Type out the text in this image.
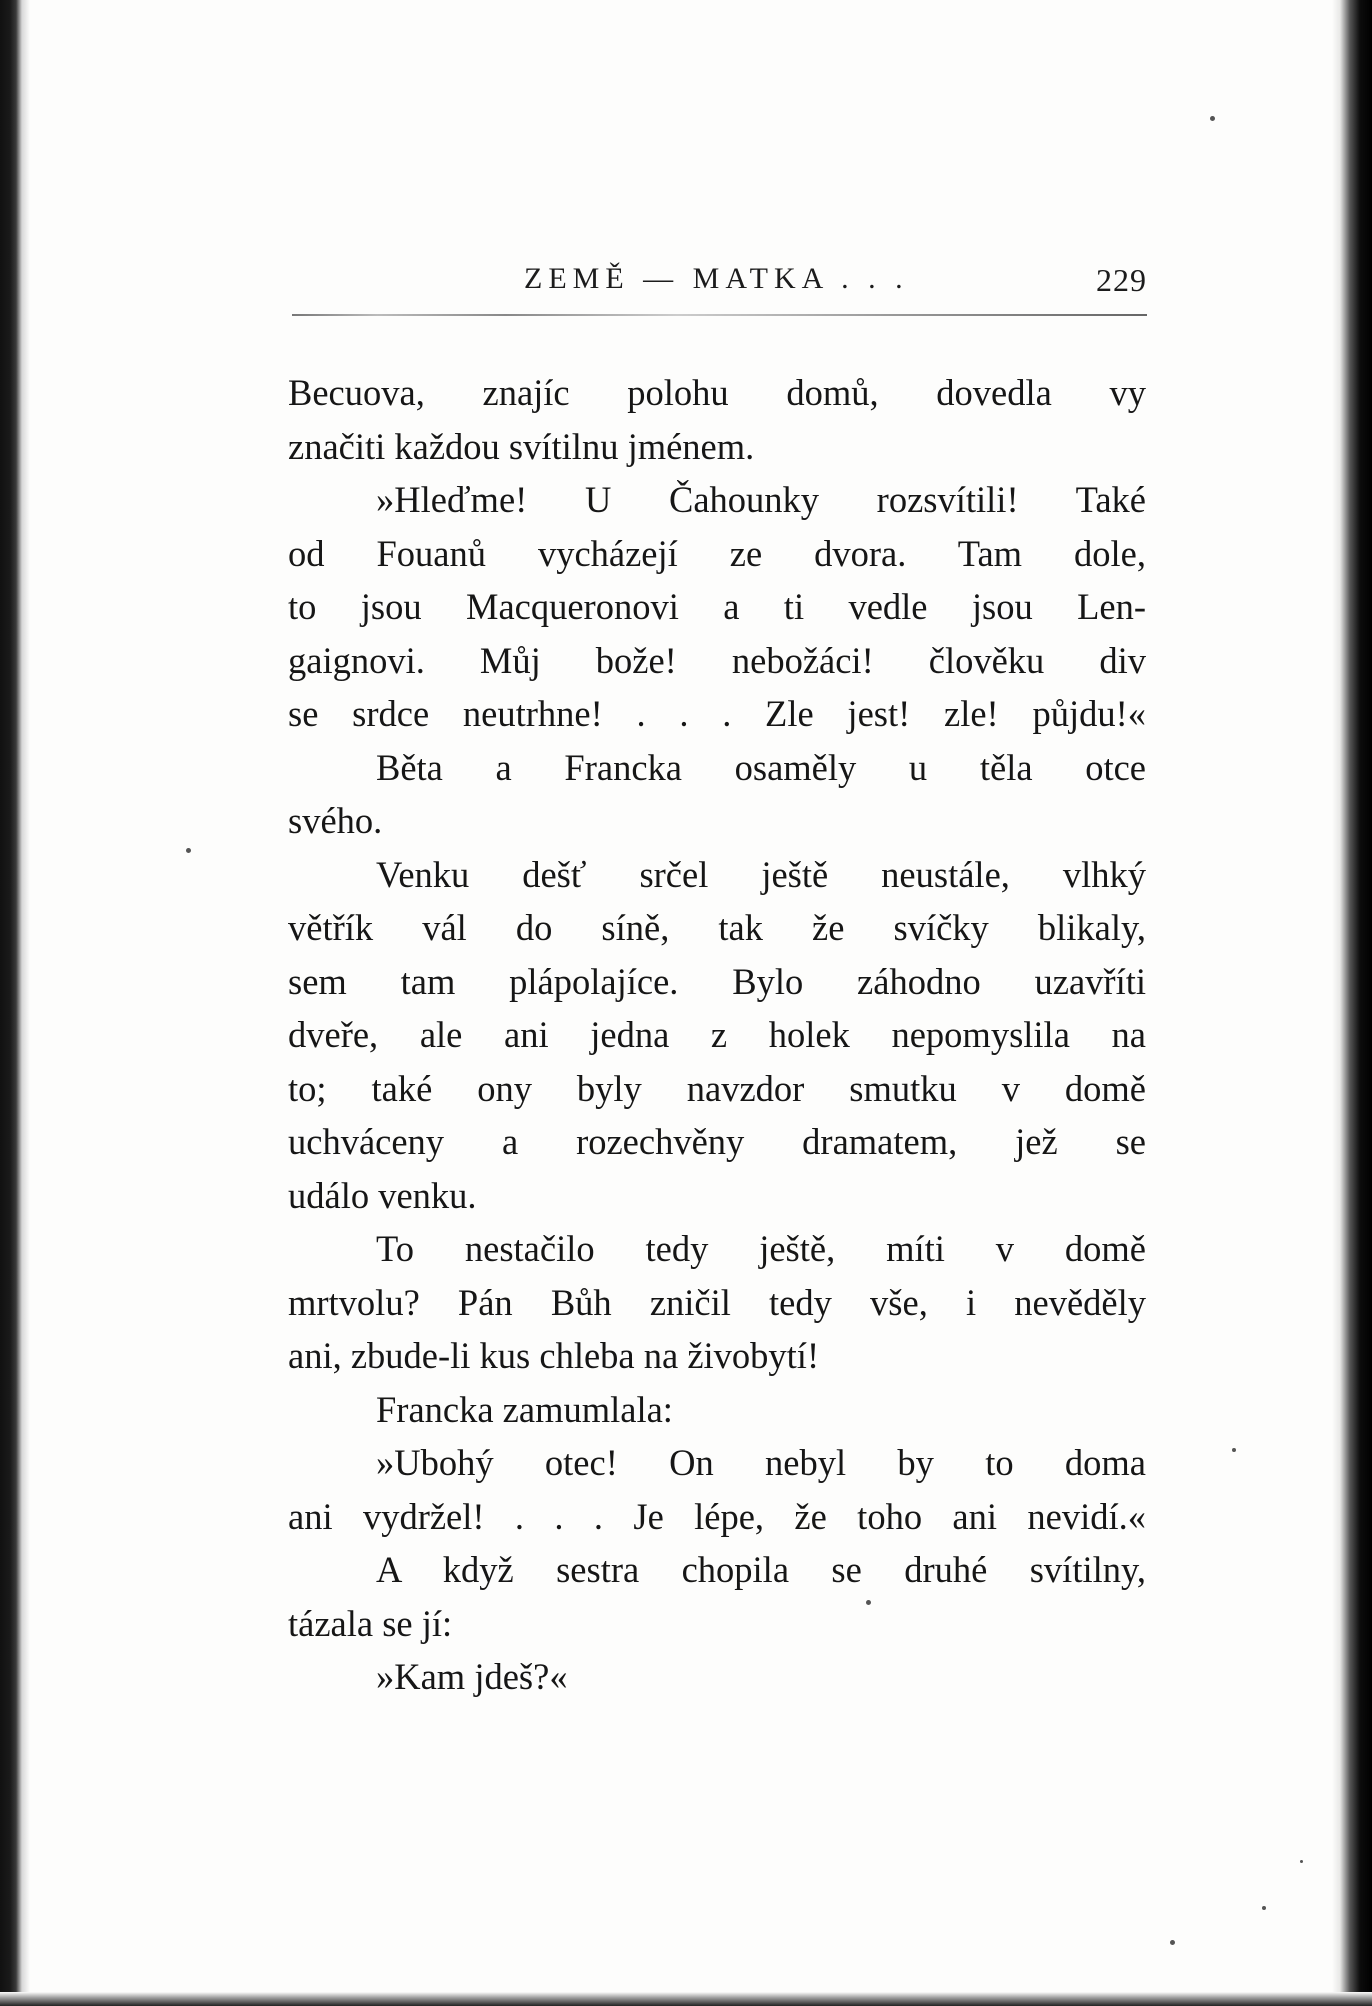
ZEMĚ — MATKA . . .	229
Becuova, znajíc polohu domů, dovedla vy
značiti každou svítilnu jménem.
»Hleďme! U Čahounky rozsvítili! Také
od Fouanů vycházejí ze dvora. Tam dole,
to jsou Macqueronovi a ti vedle jsou Len-
gaignovi. Můj bože! nebožáci! člověku div
se srdce neutrhne! . . . Zle jest! zle! půjdu!«
Běta a Francka osaměly u těla otce
svého.
Venku dešť srčel ještě neustále, vlhký
větřík vál do síně, tak že svíčky blikaly,
sem tam plápolajíce. Bylo záhodno uzavříti
dveře, ale ani jedna z holek nepomyslila na
to; také ony byly navzdor smutku v domě
uchváceny a rozechvěny dramatem, jež se
událo venku.
To nestačilo tedy ještě, míti v domě
mrtvolu? Pán Bůh zničil tedy vše, i nevěděly
ani, zbude-li kus chleba na živobytí!
Francka zamumlala:
»Ubohý otec! On nebyl by to doma
ani vydržel! . . . Je lépe, že toho ani nevidí.«
A když sestra chopila se druhé svítilny,
tázala se jí:
»Kam jdeš?«
